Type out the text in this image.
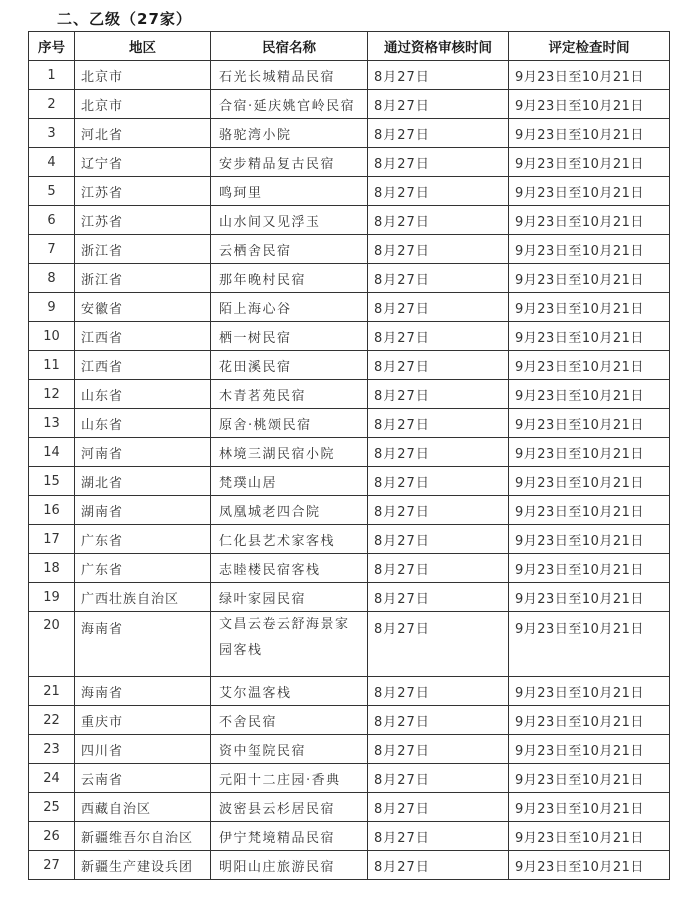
二、乙级（27家）
序号	地区	民宿名称	通过资格审核时间	评定检查时间
1	北京市	石光长城精品民宿	8月27日	9月23日至10月21日
2	北京市	合宿·延庆姚官岭民宿	8月27日	9月23日至10月21日
3	河北省	骆驼湾小院	8月27日	9月23日至10月21日
4	辽宁省	安步精品复古民宿	8月27日	9月23日至10月21日
5	江苏省	鸣珂里	8月27日	9月23日至10月21日
6	江苏省	山水间又见浮玉	8月27日	9月23日至10月21日
7	浙江省	云栖舍民宿	8月27日	9月23日至10月21日
8	浙江省	那年晚村民宿	8月27日	9月23日至10月21日
9	安徽省	陌上海心谷	8月27日	9月23日至10月21日
10	江西省	栖一树民宿	8月27日	9月23日至10月21日
11	江西省	花田溪民宿	8月27日	9月23日至10月21日
12	山东省	木青茗苑民宿	8月27日	9月23日至10月21日
13	山东省	原舍·桃颂民宿	8月27日	9月23日至10月21日
14	河南省	林境三湖民宿小院	8月27日	9月23日至10月21日
15	湖北省	梵璞山居	8月27日	9月23日至10月21日
16	湖南省	凤凰城老四合院	8月27日	9月23日至10月21日
17	广东省	仁化县艺术家客栈	8月27日	9月23日至10月21日
18	广东省	志睦楼民宿客栈	8月27日	9月23日至10月21日
19	广西壮族自治区	绿叶家园民宿	8月27日	9月23日至10月21日
20	海南省	文昌云卷云舒海景家园客栈	8月27日	9月23日至10月21日
21	海南省	艾尔温客栈	8月27日	9月23日至10月21日
22	重庆市	不舍民宿	8月27日	9月23日至10月21日
23	四川省	资中玺院民宿	8月27日	9月23日至10月21日
24	云南省	元阳十二庄园·香典	8月27日	9月23日至10月21日
25	西藏自治区	波密县云杉居民宿	8月27日	9月23日至10月21日
26	新疆维吾尔自治区	伊宁梵境精品民宿	8月27日	9月23日至10月21日
27	新疆生产建设兵团	明阳山庄旅游民宿	8月27日	9月23日至10月21日
